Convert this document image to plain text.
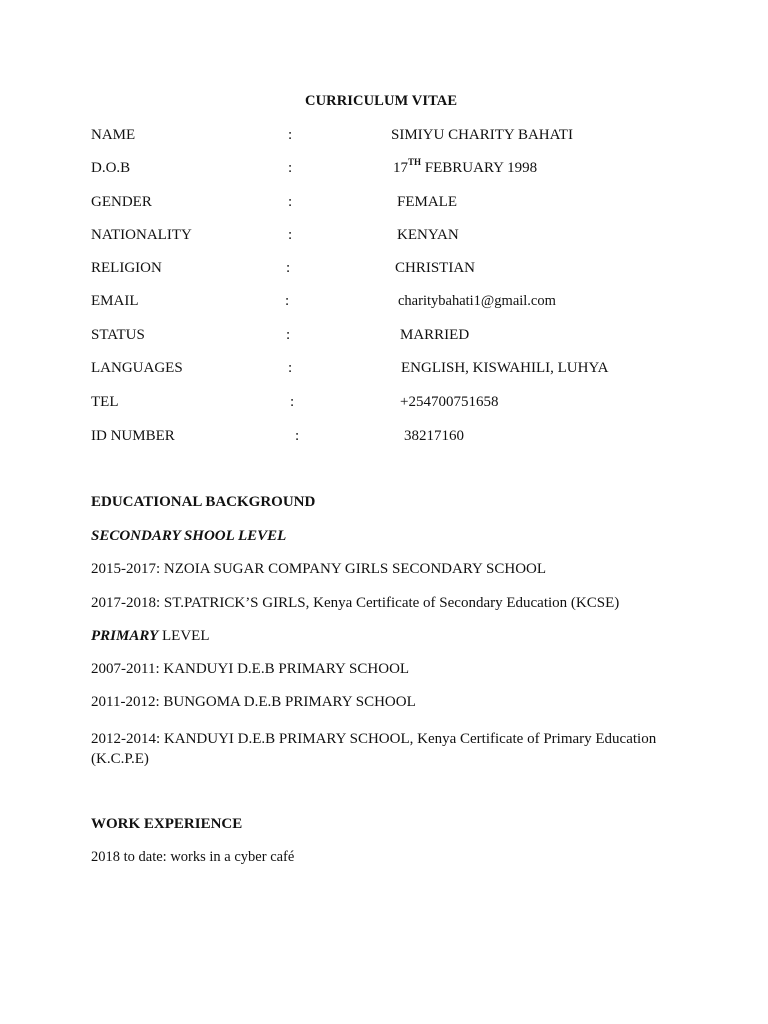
CURRICULUM VITAE
NAME	:	SIMIYU CHARITY BAHATI
D.O.B	:	17TH FEBRUARY 1998
GENDER	:	FEMALE
NATIONALITY	:	KENYAN
RELIGION	:	CHRISTIAN
EMAIL	:	charitybahati1@gmail.com
STATUS	:	MARRIED
LANGUAGES	:	ENGLISH, KISWAHILI, LUHYA
TEL	:	+254700751658
ID NUMBER	:	38217160
EDUCATIONAL BACKGROUND
SECONDARY SHOOL LEVEL
2015-2017: NZOIA SUGAR COMPANY GIRLS SECONDARY SCHOOL
2017-2018: ST.PATRICK’S GIRLS, Kenya Certificate of Secondary Education (KCSE)
PRIMARY LEVEL
2007-2011: KANDUYI D.E.B PRIMARY SCHOOL
2011-2012: BUNGOMA D.E.B PRIMARY SCHOOL
2012-2014: KANDUYI D.E.B PRIMARY SCHOOL, Kenya Certificate of Primary Education (K.C.P.E)
WORK EXPERIENCE
2018 to date: works in a cyber café
